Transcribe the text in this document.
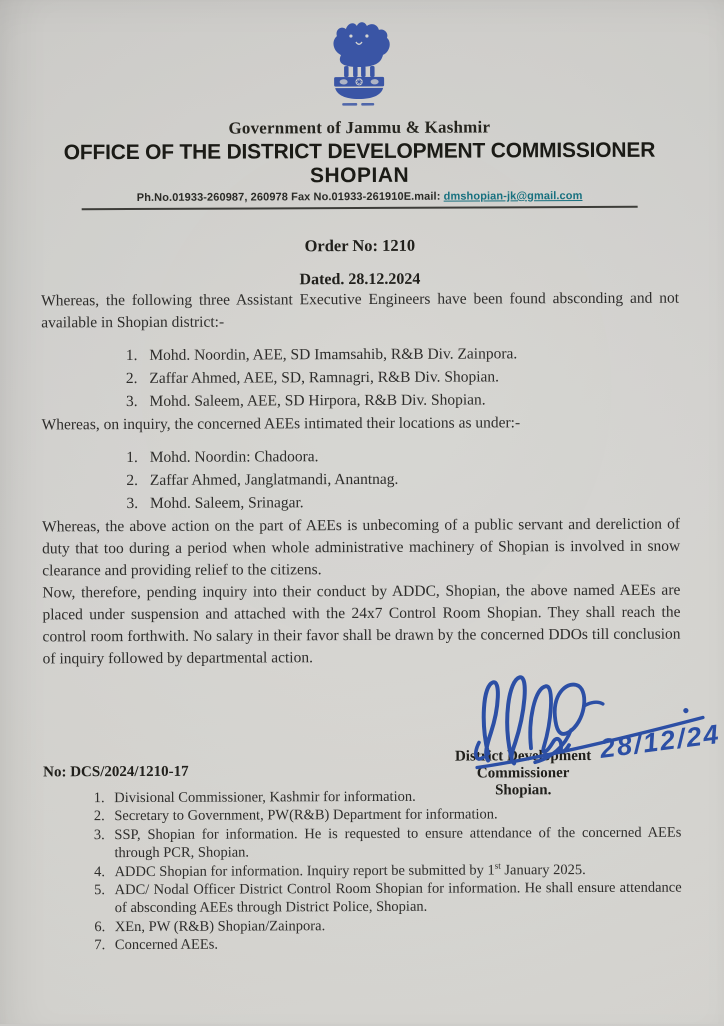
Government of Jammu & Kashmir
OFFICE OF THE DISTRICT DEVELOPMENT COMMISSIONER
SHOPIAN
Ph.No.01933-260987, 260978 Fax No.01933-261910E.mail: dmshopian-jk@gmail.com

Order No: 1210

Dated. 28.12.2024

Whereas, the following three Assistant Executive Engineers have been found absconding and not available in Shopian district:-

1. Mohd. Noordin, AEE, SD Imamsahib, R&B Div. Zainpora.
2. Zaffar Ahmed, AEE, SD, Ramnagri, R&B Div. Shopian.
3. Mohd. Saleem, AEE, SD Hirpora, R&B Div. Shopian.

Whereas, on inquiry, the concerned AEEs intimated their locations as under:-

1. Mohd. Noordin: Chadoora.
2. Zaffar Ahmed, Janglatmandi, Anantnag.
3. Mohd. Saleem, Srinagar.

Whereas, the above action on the part of AEEs is unbecoming of a public servant and dereliction of duty that too during a period when whole administrative machinery of Shopian is involved in snow clearance and providing relief to the citizens.

Now, therefore, pending inquiry into their conduct by ADDC, Shopian, the above named AEEs are placed under suspension and attached with the 24x7 Control Room Shopian. They shall reach the control room forthwith. No salary in their favor shall be drawn by the concerned DDOs till conclusion of inquiry followed by departmental action.

28/12/24
District Development Commissioner
Shopian.
No: DCS/2024/1210-17
1. Divisional Commissioner, Kashmir for information.
2. Secretary to Government, PW(R&B) Department for information.
3. SSP, Shopian for information. He is requested to ensure attendance of the concerned AEEs through PCR, Shopian.
4. ADDC Shopian for information. Inquiry report be submitted by 1st January 2025.
5. ADC/ Nodal Officer District Control Room Shopian for information. He shall ensure attendance of absconding AEEs through District Police, Shopian.
6. XEn, PW (R&B) Shopian/Zainpora.
7. Concerned AEEs.
